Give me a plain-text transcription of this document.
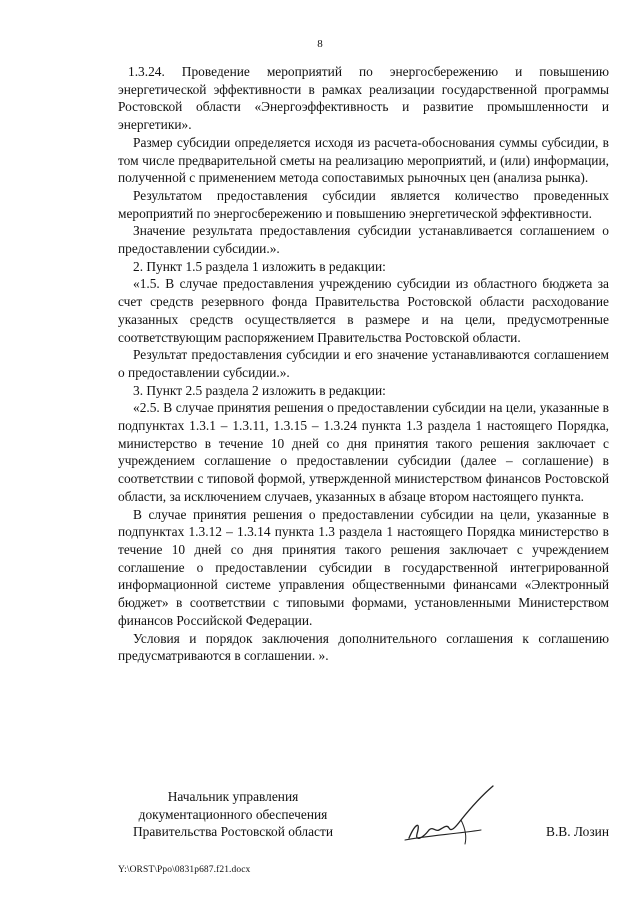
8

1.3.24. Проведение мероприятий по энергосбережению и повышению энергетической эффективности в рамках реализации государственной программы Ростовской области «Энергоэффективность и развитие промышленности и энергетики».

Размер субсидии определяется исходя из расчета-обоснования суммы субсидии, в том числе предварительной сметы на реализацию мероприятий, и (или) информации, полученной с применением метода сопоставимых рыночных цен (анализа рынка).

Результатом предоставления субсидии является количество проведенных мероприятий по энергосбережению и повышению энергетической эффективности.

Значение результата предоставления субсидии устанавливается соглашением о предоставлении субсидии.».

2. Пункт 1.5 раздела 1 изложить в редакции:

«1.5. В случае предоставления учреждению субсидии из областного бюджета за счет средств резервного фонда Правительства Ростовской области расходование указанных средств осуществляется в размере и на цели, предусмотренные соответствующим распоряжением Правительства Ростовской области.

Результат предоставления субсидии и его значение устанавливаются соглашением о предоставлении субсидии.».

3. Пункт 2.5 раздела 2 изложить в редакции:

«2.5. В случае принятия решения о предоставлении субсидии на цели, указанные в подпунктах 1.3.1 – 1.3.11, 1.3.15 – 1.3.24 пункта 1.3 раздела 1 настоящего Порядка, министерство в течение 10 дней со дня принятия такого решения заключает с учреждением соглашение о предоставлении субсидии (далее – соглашение) в соответствии с типовой формой, утвержденной министерством финансов Ростовской области, за исключением случаев, указанных в абзаце втором настоящего пункта.

В случае принятия решения о предоставлении субсидии на цели, указанные в подпунктах 1.3.12 – 1.3.14 пункта 1.3 раздела 1 настоящего Порядка министерство в течение 10 дней со дня принятия такого решения заключает с учреждением соглашение о предоставлении субсидии в государственной интегрированной информационной системе управления общественными финансами «Электронный бюджет» в соответствии с типовыми формами, установленными Министерством финансов Российской Федерации.

Условия и порядок заключения дополнительного соглашения к соглашению предусматриваются в соглашении. ».

Начальник управления
документационного обеспечения
Правительства Ростовской области	В.В. Лозин
Y:\ORST\Ppo\0831p687.f21.docx
